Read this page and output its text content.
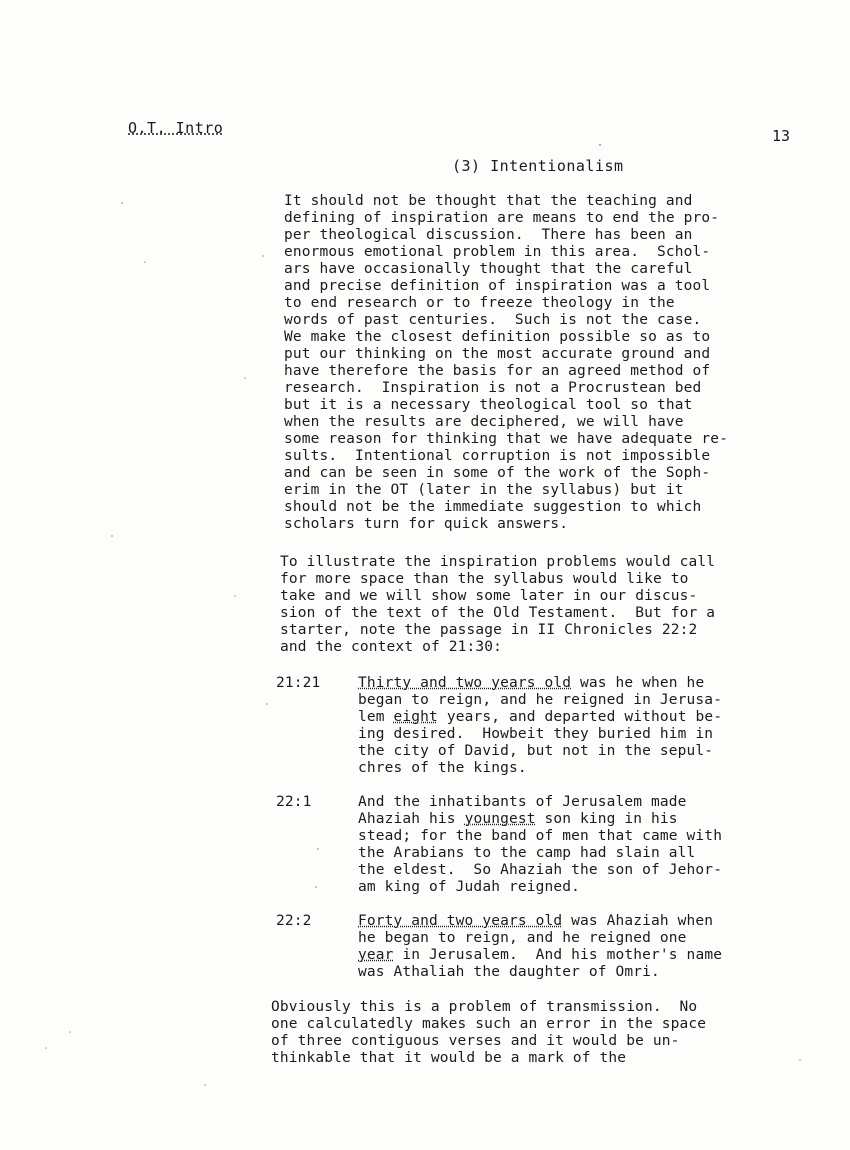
O.T. Intro	13
(3) Intentionalism

It should not be thought that the teaching and
defining of inspiration are means to end the pro-
per theological discussion.  There has been an
enormous emotional problem in this area.  Schol-
ars have occasionally thought that the careful
and precise definition of inspiration was a tool
to end research or to freeze theology in the
words of past centuries.  Such is not the case.
We make the closest definition possible so as to
put our thinking on the most accurate ground and
have therefore the basis for an agreed method of
research.  Inspiration is not a Procrustean bed
but it is a necessary theological tool so that
when the results are deciphered, we will have
some reason for thinking that we have adequate re-
sults.  Intentional corruption is not impossible
and can be seen in some of the work of the Soph-
erim in the OT (later in the syllabus) but it
should not be the immediate suggestion to which
scholars turn for quick answers.

To illustrate the inspiration problems would call
for more space than the syllabus would like to
take and we will show some later in our discus-
sion of the text of the Old Testament.  But for a
starter, note the passage in II Chronicles 22:2
and the context of 21:30:

21:21	Thirty and two years old was he when he
began to reign, and he reigned in Jerusa-
lem eight years, and departed without be-
ing desired.  Howbeit they buried him in
the city of David, but not in the sepul-
chres of the kings.

22:1	And the inhatibants of Jerusalem made
Ahaziah his youngest son king in his
stead; for the band of men that came with
the Arabians to the camp had slain all
the eldest.  So Ahaziah the son of Jehor-
am king of Judah reigned.

22:2	Forty and two years old was Ahaziah when
he began to reign, and he reigned one
year in Jerusalem.  And his mother's name
was Athaliah the daughter of Omri.

Obviously this is a problem of transmission.  No
one calculatedly makes such an error in the space
of three contiguous verses and it would be un-
thinkable that it would be a mark of the
